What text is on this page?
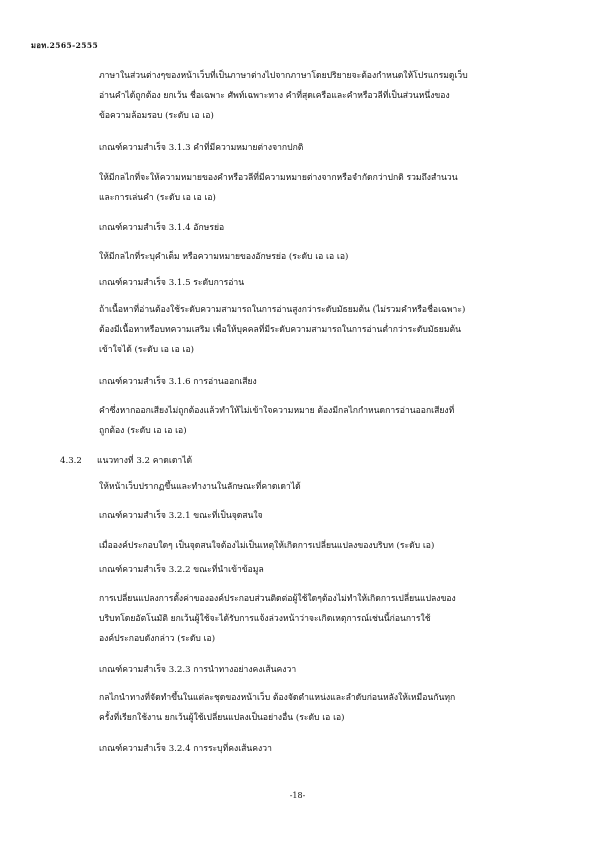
มอท.2565-2555
ภาษาในส่วนต่างๆของหน้าเว็บที่เป็นภาษาต่างไปจากภาษาโดยปริยายจะต้องกำหนดให้โปรแกรมดูเว็บ
อ่านคำได้ถูกต้อง ยกเว้น ชื่อเฉพาะ ศัพท์เฉพาะทาง คำที่สุดเครือและคำหรือวลีที่เป็นส่วนหนึ่งของ
ข้อความล้อมรอบ (ระดับ เอ เอ)
เกณฑ์ความสำเร็จ 3.1.3 คำที่มีความหมายต่างจากปกติ
ให้มีกลไกที่จะให้ความหมายของคำหรือวลีที่มีความหมายต่างจากหรือจำกัดกว่าปกติ รวมถึงสำนวน
และการเล่นคำ (ระดับ เอ เอ เอ)
เกณฑ์ความสำเร็จ 3.1.4 อักษรย่อ
ให้มีกลไกที่ระบุคำเต็ม หรือความหมายของอักษรย่อ (ระดับ เอ เอ เอ)
เกณฑ์ความสำเร็จ 3.1.5 ระดับการอ่าน
ถ้าเนื้อหาที่อ่านต้องใช้ระดับความสามารถในการอ่านสูงกว่าระดับมัธยมต้น (ไม่รวมคำหรือชื่อเฉพาะ)
ต้องมีเนื้อหาหรือบทความเสริม เพื่อให้บุคคลที่มีระดับความสามารถในการอ่านต่ำกว่าระดับมัธยมต้น
เข้าใจได้ (ระดับ เอ เอ เอ)
เกณฑ์ความสำเร็จ 3.1.6 การอ่านออกเสียง
คำซึ่งหากออกเสียงไม่ถูกต้องแล้วทำให้ไม่เข้าใจความหมาย ต้องมีกลไกกำหนดการอ่านออกเสียงที่
ถูกต้อง (ระดับ เอ เอ เอ)
4.3.2 แนวทางที่ 3.2 คาดเดาได้
ให้หน้าเว็บปรากฏขึ้นและทำงานในลักษณะที่คาดเดาได้
เกณฑ์ความสำเร็จ 3.2.1 ขณะที่เป็นจุดสนใจ
เมื่อองค์ประกอบใดๆ เป็นจุดสนใจต้องไม่เป็นเหตุให้เกิดการเปลี่ยนแปลงของบริบท (ระดับ เอ)
เกณฑ์ความสำเร็จ 3.2.2 ขณะที่นำเข้าข้อมูล
การเปลี่ยนแปลงการตั้งค่าขององค์ประกอบส่วนติดต่อผู้ใช้ใดๆต้องไม่ทำให้เกิดการเปลี่ยนแปลงของ
บริบทโดยอัตโนมัติ ยกเว้นผู้ใช้จะได้รับการแจ้งล่วงหน้าว่าจะเกิดเหตุการณ์เช่นนี้ก่อนการใช้
องค์ประกอบดังกล่าว (ระดับ เอ)
เกณฑ์ความสำเร็จ 3.2.3 การนำทางอย่างคงเส้นคงวา
กลไกนำทางที่จัดทำขึ้นในแต่ละชุดของหน้าเว็บ ต้องจัดตำแหน่งและลำดับก่อนหลังให้เหมือนกันทุก
ครั้งที่เรียกใช้งาน ยกเว้นผู้ใช้เปลี่ยนแปลงเป็นอย่างอื่น (ระดับ เอ เอ)
เกณฑ์ความสำเร็จ 3.2.4 การระบุที่คงเส้นคงวา
-18-
